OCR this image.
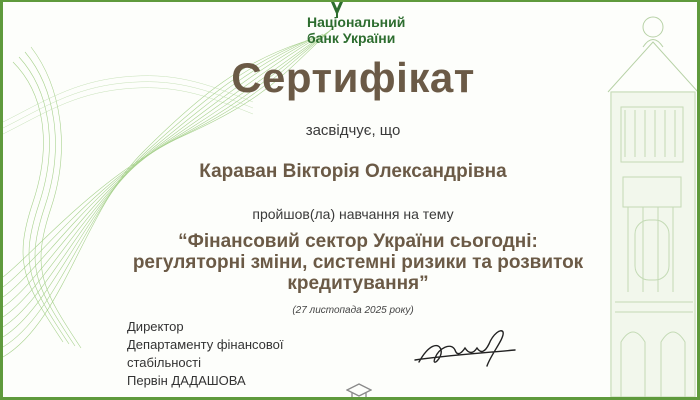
Національний
банк України
Сертифікат
засвідчує, що
Караван Вікторія Олександрівна
пройшов(ла) навчання на тему
“Фінансовий сектор України сьогодні:
регуляторні зміни, системні ризики та розвиток
кредитування”
(27 листопада 2025 року)
Директор
Департаменту фінансової
стабільності
Первін ДАДАШОВА
